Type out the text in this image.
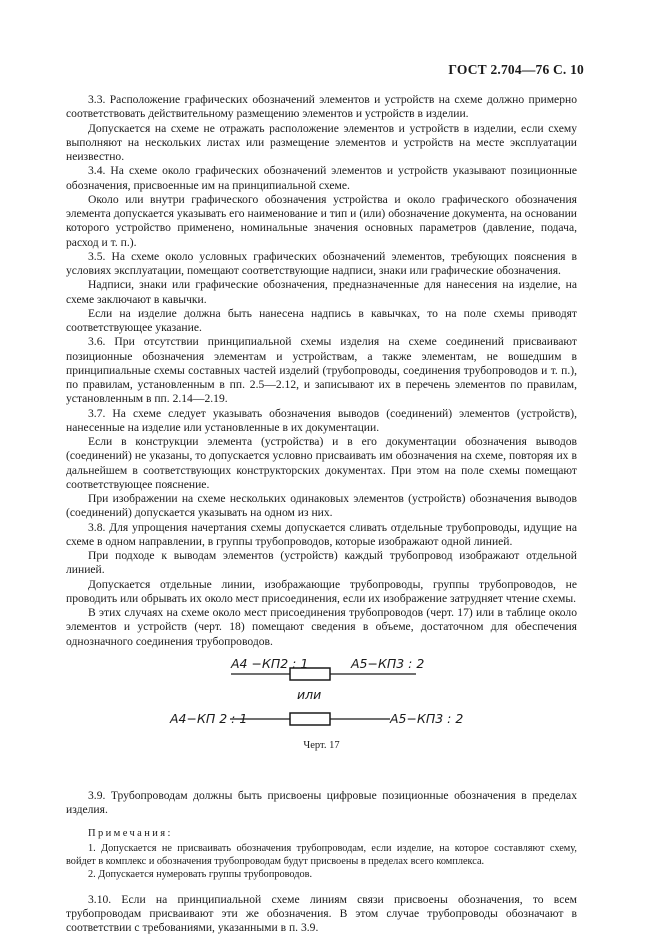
ГОСТ 2.704—76 С. 10

3.3. Расположение графических обозначений элементов и устройств на схеме должно примерно соответствовать действительному размещению элементов и устройств в изделии.

Допускается на схеме не отражать расположение элементов и устройств в изделии, если схему выполняют на нескольких листах или размещение элементов и устройств на месте эксплуатации неизвестно.

3.4. На схеме около графических обозначений элементов и устройств указывают позиционные обозначения, присвоенные им на принципиальной схеме.

Около или внутри графического обозначения устройства и около графического обозначения элемента допускается указывать его наименование и тип и (или) обозначение документа, на основании которого устройство применено, номинальные значения основных параметров (давление, подача, расход и т. п.).

3.5. На схеме около условных графических обозначений элементов, требующих пояснения в условиях эксплуатации, помещают соответствующие надписи, знаки или графические обозначения.

Надписи, знаки или графические обозначения, предназначенные для нанесения на изделие, на схеме заключают в кавычки.

Если на изделие должна быть нанесена надпись в кавычках, то на поле схемы приводят соответствующее указание.

3.6. При отсутствии принципиальной схемы изделия на схеме соединений присваивают позиционные обозначения элементам и устройствам, а также элементам, не вошедшим в принципиальные схемы составных частей изделий (трубопроводы, соединения трубопроводов и т. п.), по правилам, установленным в пп. 2.5—2.12, и записывают их в перечень элементов по правилам, установленным в пп. 2.14—2.19.

3.7. На схеме следует указывать обозначения выводов (соединений) элементов (устройств), нанесенные на изделие или установленные в их документации.

Если в конструкции элемента (устройства) и в его документации обозначения выводов (соединений) не указаны, то допускается условно присваивать им обозначения на схеме, повторяя их в дальнейшем в соответствующих конструкторских документах. При этом на поле схемы помещают соответствующее пояснение.

При изображении на схеме нескольких одинаковых элементов (устройств) обозначения выводов (соединений) допускается указывать на одном из них.

3.8. Для упрощения начертания схемы допускается сливать отдельные трубопроводы, идущие на схеме в одном направлении, в группы трубопроводов, которые изображают одной линией.

При подходе к выводам элементов (устройств) каждый трубопровод изображают отдельной линией.

Допускается отдельные линии, изображающие трубопроводы, группы трубопроводов, не проводить или обрывать их около мест присоединения, если их изображение затрудняет чтение схемы.

В этих случаях на схеме около мест присоединения трубопроводов (черт. 17) или в таблице около элементов и устройств (черт. 18) помещают сведения в объеме, достаточном для обеспечения однозначного соединения трубопроводов.

А4 −КП2 : 1	А5−КП3 : 2
или
А4−КП 2 : 1	А5−КП3 : 2
Черт. 17

3.9. Трубопроводам должны быть присвоены цифровые позиционные обозначения в пределах изделия.

Примечания:

1. Допускается не присваивать обозначения трубопроводам, если изделие, на которое составляют схему, войдет в комплекс и обозначения трубопроводам будут присвоены в пределах всего комплекса.

2. Допускается нумеровать группы трубопроводов.

3.10. Если на принципиальной схеме линиям связи присвоены обозначения, то всем трубопроводам присваивают эти же обозначения. В этом случае трубопроводы обозначают в соответствии с требованиями, указанными в п. 3.9.
